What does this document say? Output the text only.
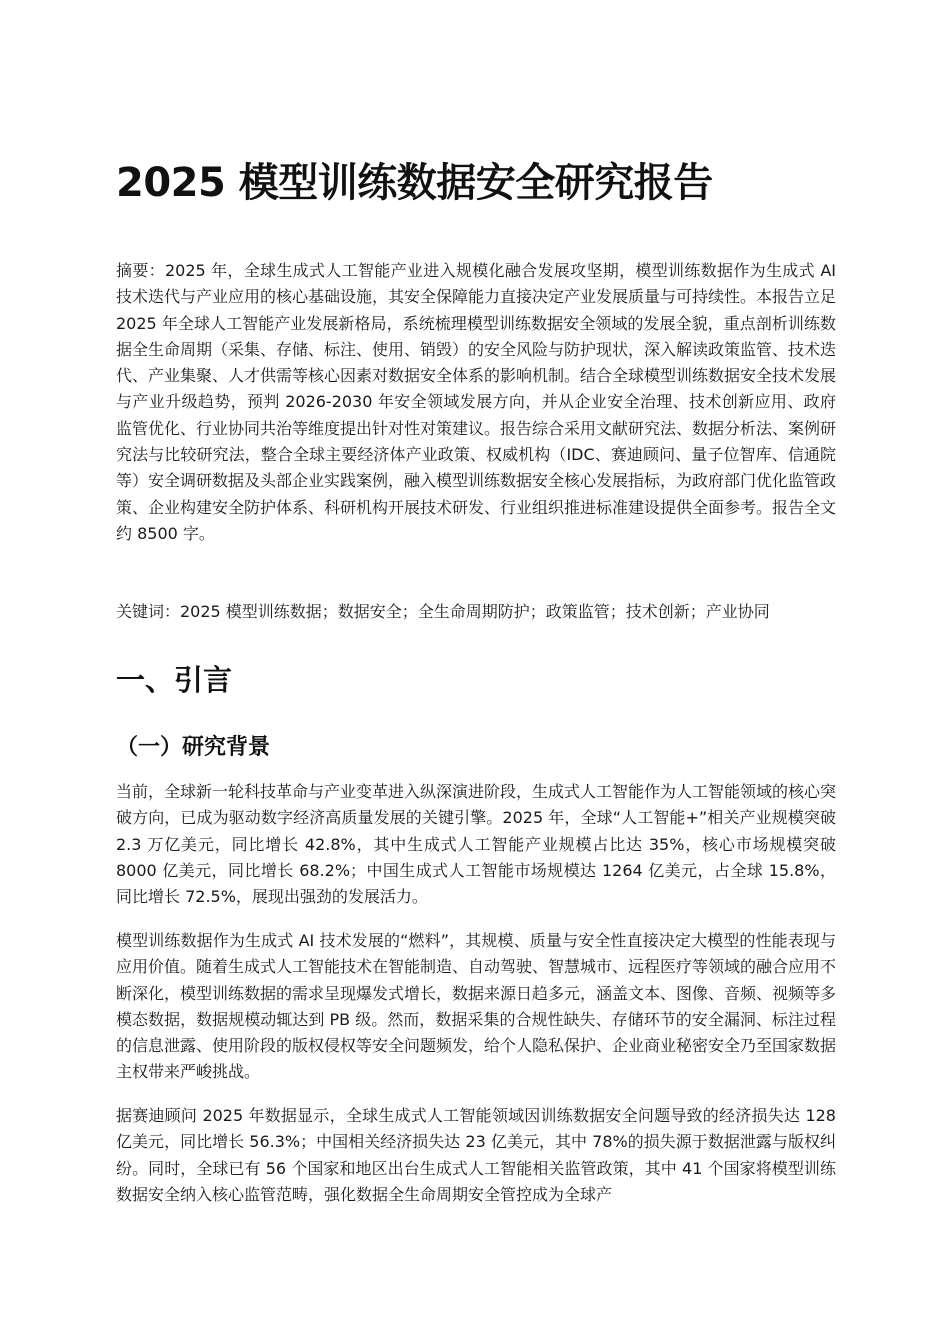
2025 模型训练数据安全研究报告

摘要：2025 年，全球生成式人工智能产业进入规模化融合发展攻坚期，模型训练数据作为生成式 AI 技术迭代与产业应用的核心基础设施，其安全保障能力直接决定产业发展质量与可持续性。本报告立足 2025 年全球人工智能产业发展新格局，系统梳理模型训练数据安全领域的发展全貌，重点剖析训练数据全生命周期（采集、存储、标注、使用、销毁）的安全风险与防护现状，深入解读政策监管、技术迭代、产业集聚、人才供需等核心因素对数据安全体系的影响机制。结合全球模型训练数据安全技术发展与产业升级趋势，预判 2026-2030 年安全领域发展方向，并从企业安全治理、技术创新应用、政府监管优化、行业协同共治等维度提出针对性对策建议。报告综合采用文献研究法、数据分析法、案例研究法与比较研究法，整合全球主要经济体产业政策、权威机构（IDC、赛迪顾问、量子位智库、信通院等）安全调研数据及头部企业实践案例，融入模型训练数据安全核心发展指标，为政府部门优化监管政策、企业构建安全防护体系、科研机构开展技术研发、行业组织推进标准建设提供全面参考。报告全文约 8500 字。

关键词：2025 模型训练数据；数据安全；全生命周期防护；政策监管；技术创新；产业协同

一、引言
（一）研究背景

当前，全球新一轮科技革命与产业变革进入纵深演进阶段，生成式人工智能作为人工智能领域的核心突破方向，已成为驱动数字经济高质量发展的关键引擎。2025 年，全球“人工智能+”相关产业规模突破 2.3 万亿美元，同比增长 42.8%，其中生成式人工智能产业规模占比达 35%，核心市场规模突破 8000 亿美元，同比增长 68.2%；中国生成式人工智能市场规模达 1264 亿美元，占全球 15.8%，同比增长 72.5%，展现出强劲的发展活力。

模型训练数据作为生成式 AI 技术发展的“燃料”，其规模、质量与安全性直接决定大模型的性能表现与应用价值。随着生成式人工智能技术在智能制造、自动驾驶、智慧城市、远程医疗等领域的融合应用不断深化，模型训练数据的需求呈现爆发式增长，数据来源日趋多元，涵盖文本、图像、音频、视频等多模态数据，数据规模动辄达到 PB 级。然而，数据采集的合规性缺失、存储环节的安全漏洞、标注过程的信息泄露、使用阶段的版权侵权等安全问题频发，给个人隐私保护、企业商业秘密安全乃至国家数据主权带来严峻挑战。

据赛迪顾问 2025 年数据显示，全球生成式人工智能领域因训练数据安全问题导致的经济损失达 128 亿美元，同比增长 56.3%；中国相关经济损失达 23 亿美元，其中 78%的损失源于数据泄露与版权纠纷。同时，全球已有 56 个国家和地区出台生成式人工智能相关监管政策，其中 41 个国家将模型训练数据安全纳入核心监管范畴，强化数据全生命周期安全管控成为全球产
